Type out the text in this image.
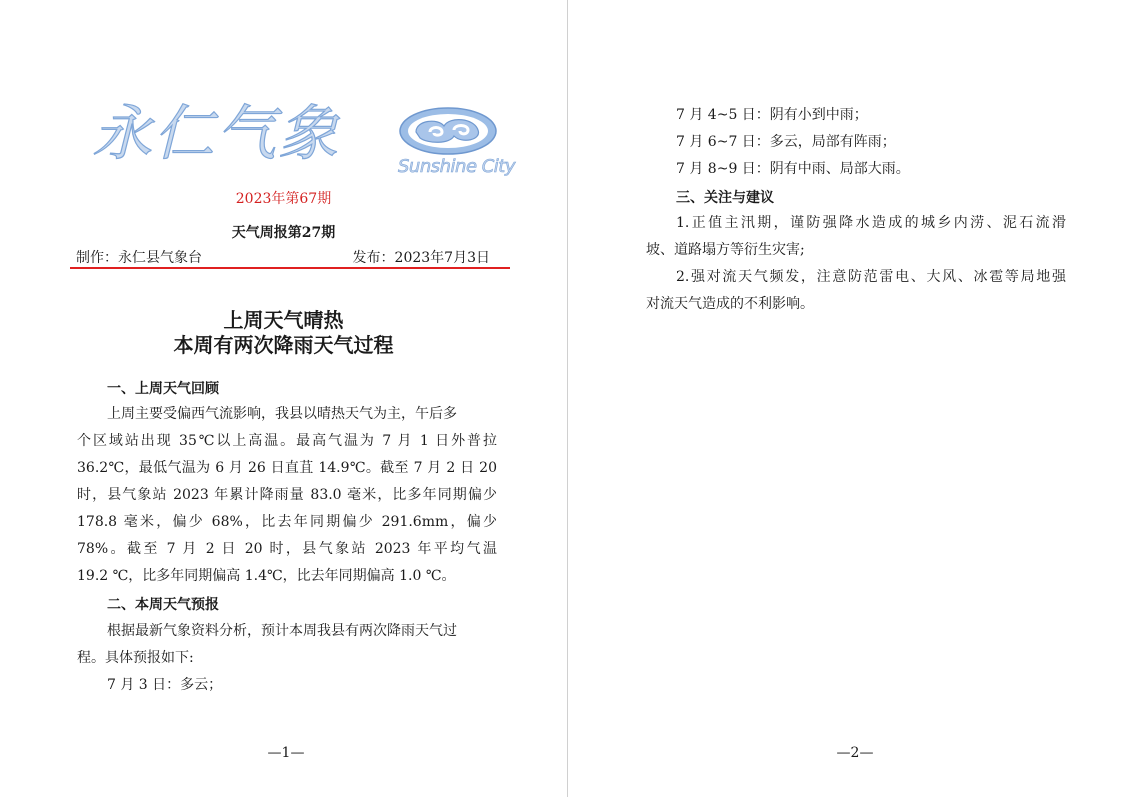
永仁气象	Sunshine City
2023年第67期
天气周报第27期
制作：永仁县气象台	发布：2023年7月3日
上周天气晴热
本周有两次降雨天气过程
一、上周天气回顾
上周主要受偏西气流影响，我县以晴热天气为主，午后多
个区域站出现 35℃以上高温。最高气温为 7 月 1 日外普拉
36.2℃，最低气温为 6 月 26 日直苴 14.9℃。截至 7 月 2 日 20
时，县气象站 2023 年累计降雨量 83.0 毫米，比多年同期偏少
178.8 毫米，偏少 68%，比去年同期偏少 291.6mm，偏少
78%。截至 7 月 2 日 20 时，县气象站 2023 年平均气温
19.2 ℃，比多年同期偏高 1.4℃，比去年同期偏高 1.0 ℃。
二、本周天气预报
根据最新气象资料分析，预计本周我县有两次降雨天气过
程。具体预报如下:
7 月 3 日：多云；
—1—	—2—
7 月 4~5 日：阴有小到中雨；
7 月 6~7 日：多云，局部有阵雨；
7 月 8~9 日：阴有中雨、局部大雨。
三、关注与建议
1.正值主汛期，谨防强降水造成的城乡内涝、泥石流滑
坡、道路塌方等衍生灾害;
2.强对流天气频发，注意防范雷电、大风、冰雹等局地强
对流天气造成的不利影响。
